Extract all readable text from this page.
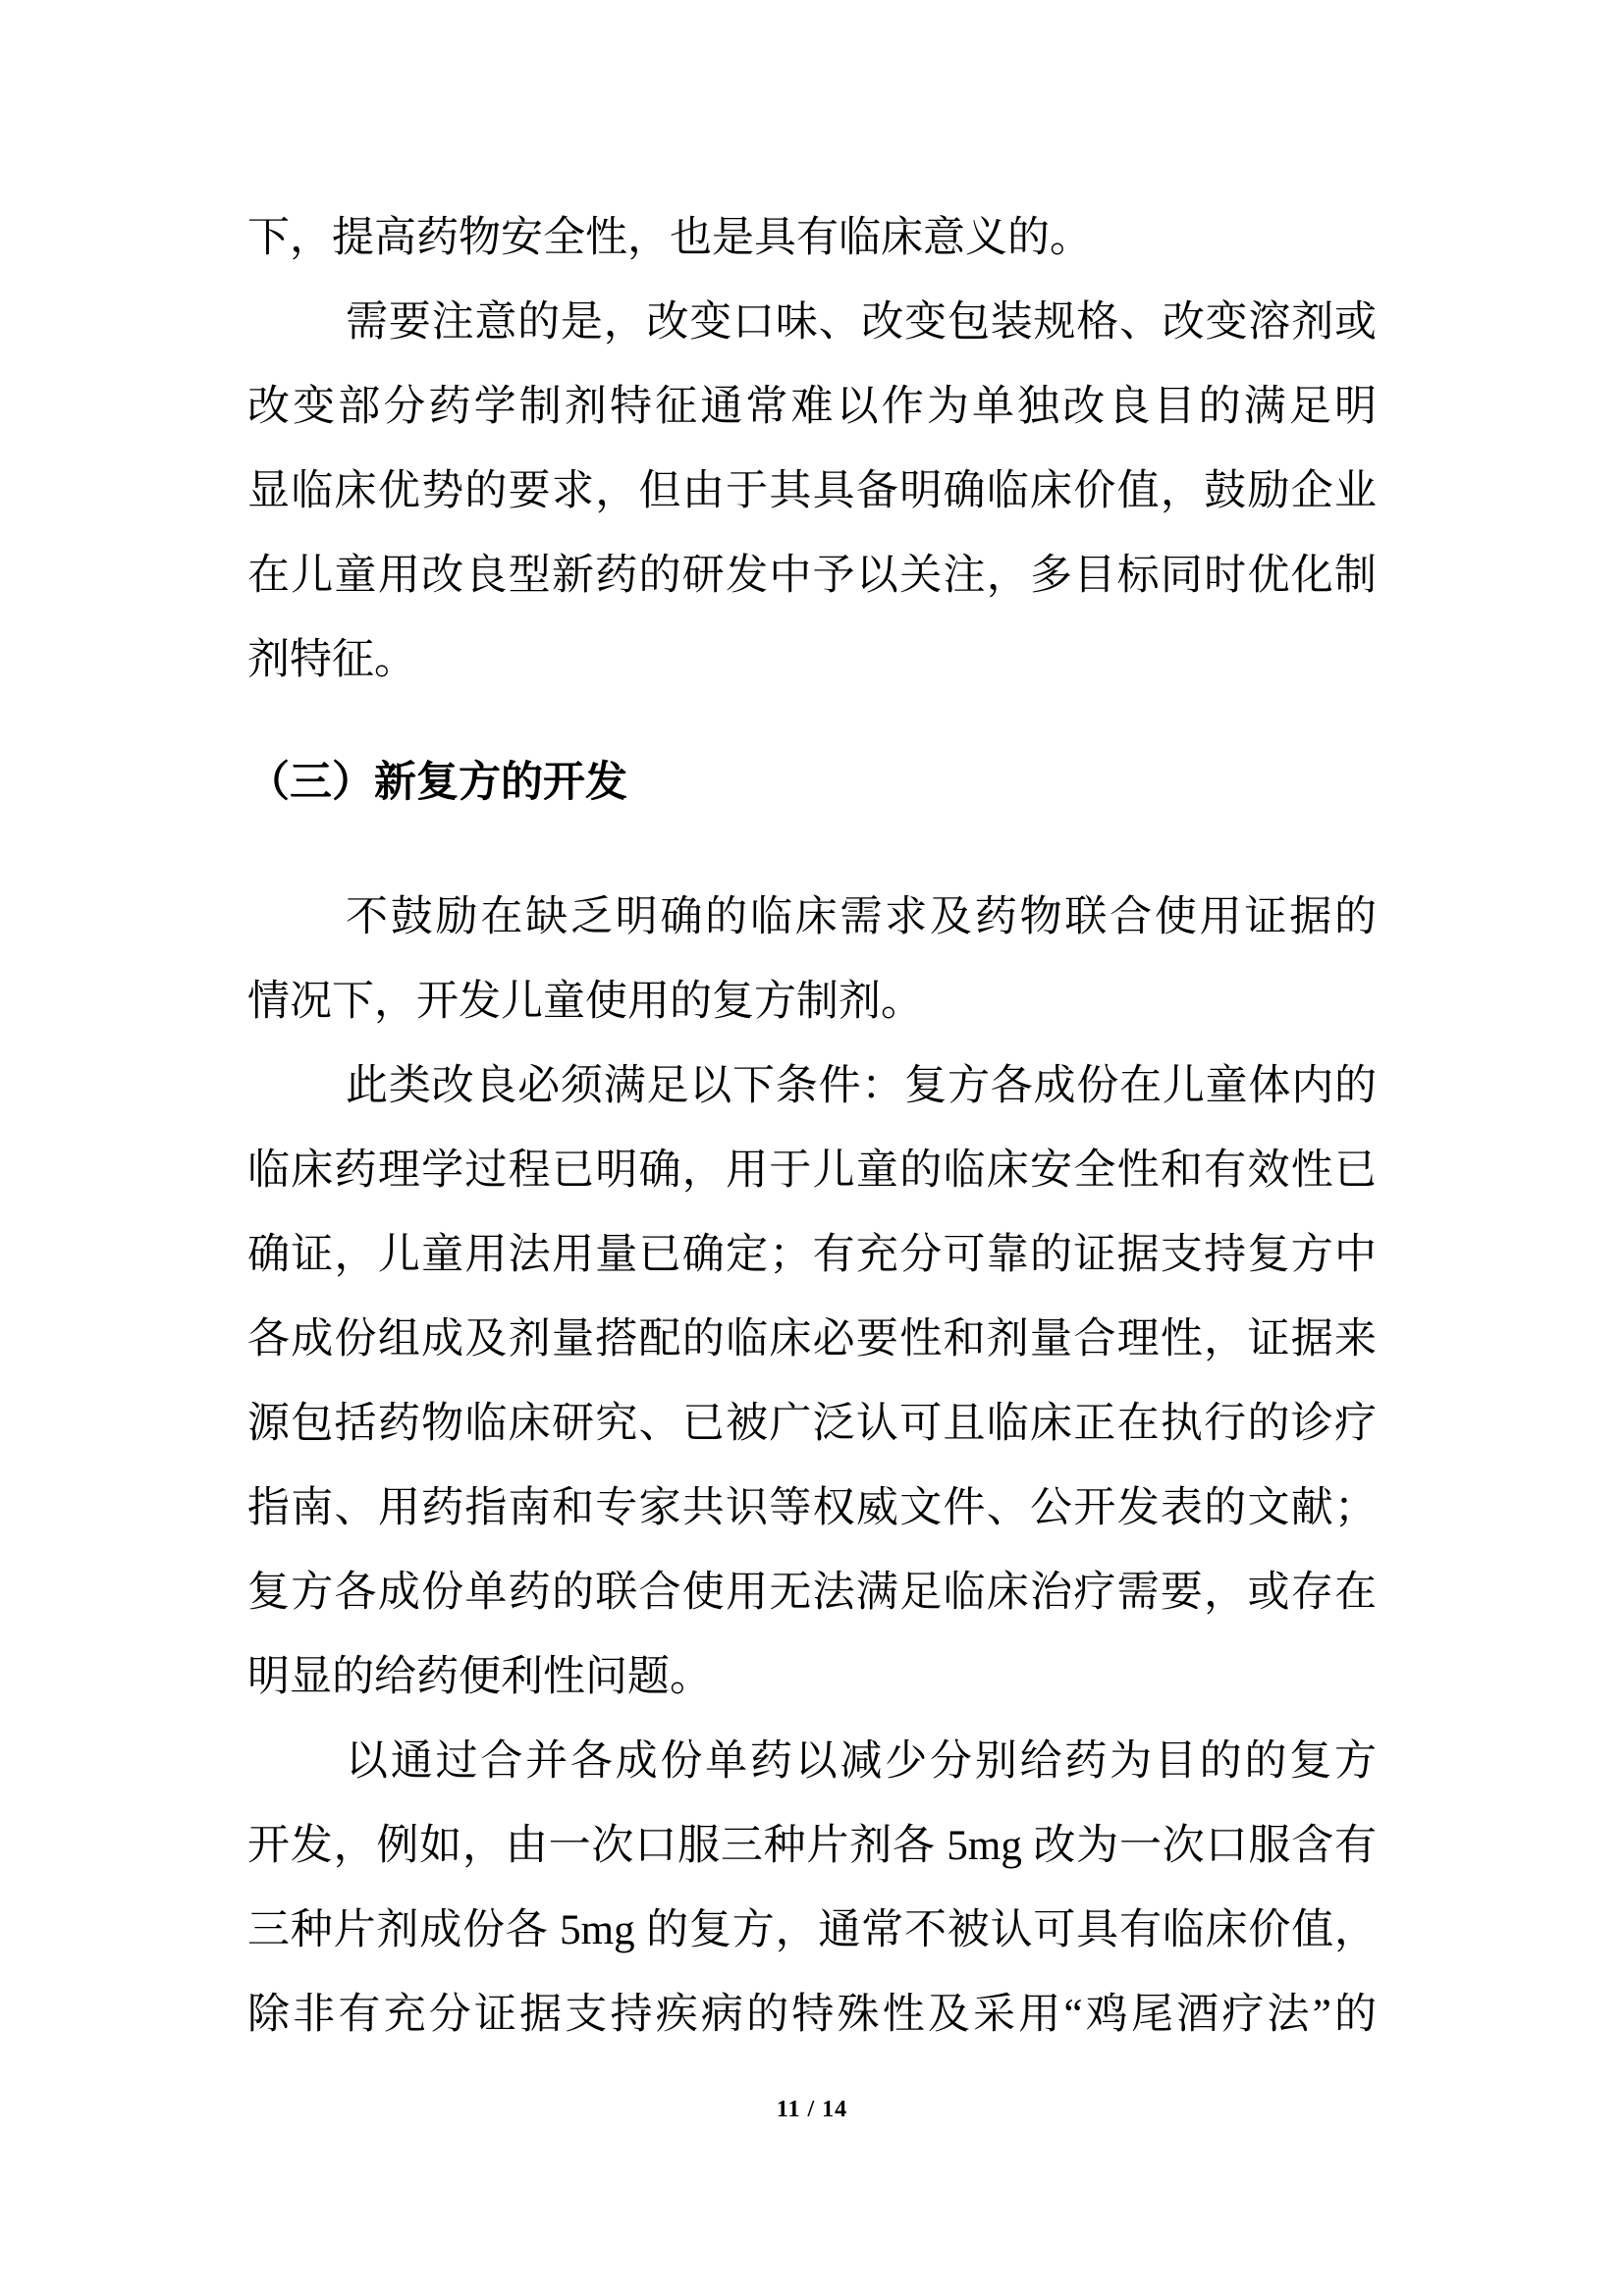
下，提高药物安全性，也是具有临床意义的。
需要注意的是，改变口味、改变包装规格、改变溶剂或
改变部分药学制剂特征通常难以作为单独改良目的满足明
显临床优势的要求，但由于其具备明确临床价值，鼓励企业
在儿童用改良型新药的研发中予以关注，多目标同时优化制
剂特征。
（三）新复方的开发
不鼓励在缺乏明确的临床需求及药物联合使用证据的
情况下，开发儿童使用的复方制剂。
此类改良必须满足以下条件：复方各成份在儿童体内的
临床药理学过程已明确，用于儿童的临床安全性和有效性已
确证，儿童用法用量已确定；有充分可靠的证据支持复方中
各成份组成及剂量搭配的临床必要性和剂量合理性，证据来
源包括药物临床研究、已被广泛认可且临床正在执行的诊疗
指南、用药指南和专家共识等权威文件、公开发表的文献；
复方各成份单药的联合使用无法满足临床治疗需要，或存在
明显的给药便利性问题。
以通过合并各成份单药以减少分别给药为目的的复方
开发，例如，由一次口服三种片剂各 5mg 改为一次口服含有
三种片剂成份各 5mg 的复方，通常不被认可具有临床价值，
除非有充分证据支持疾病的特殊性及采用“鸡尾酒疗法”的
11 / 14
